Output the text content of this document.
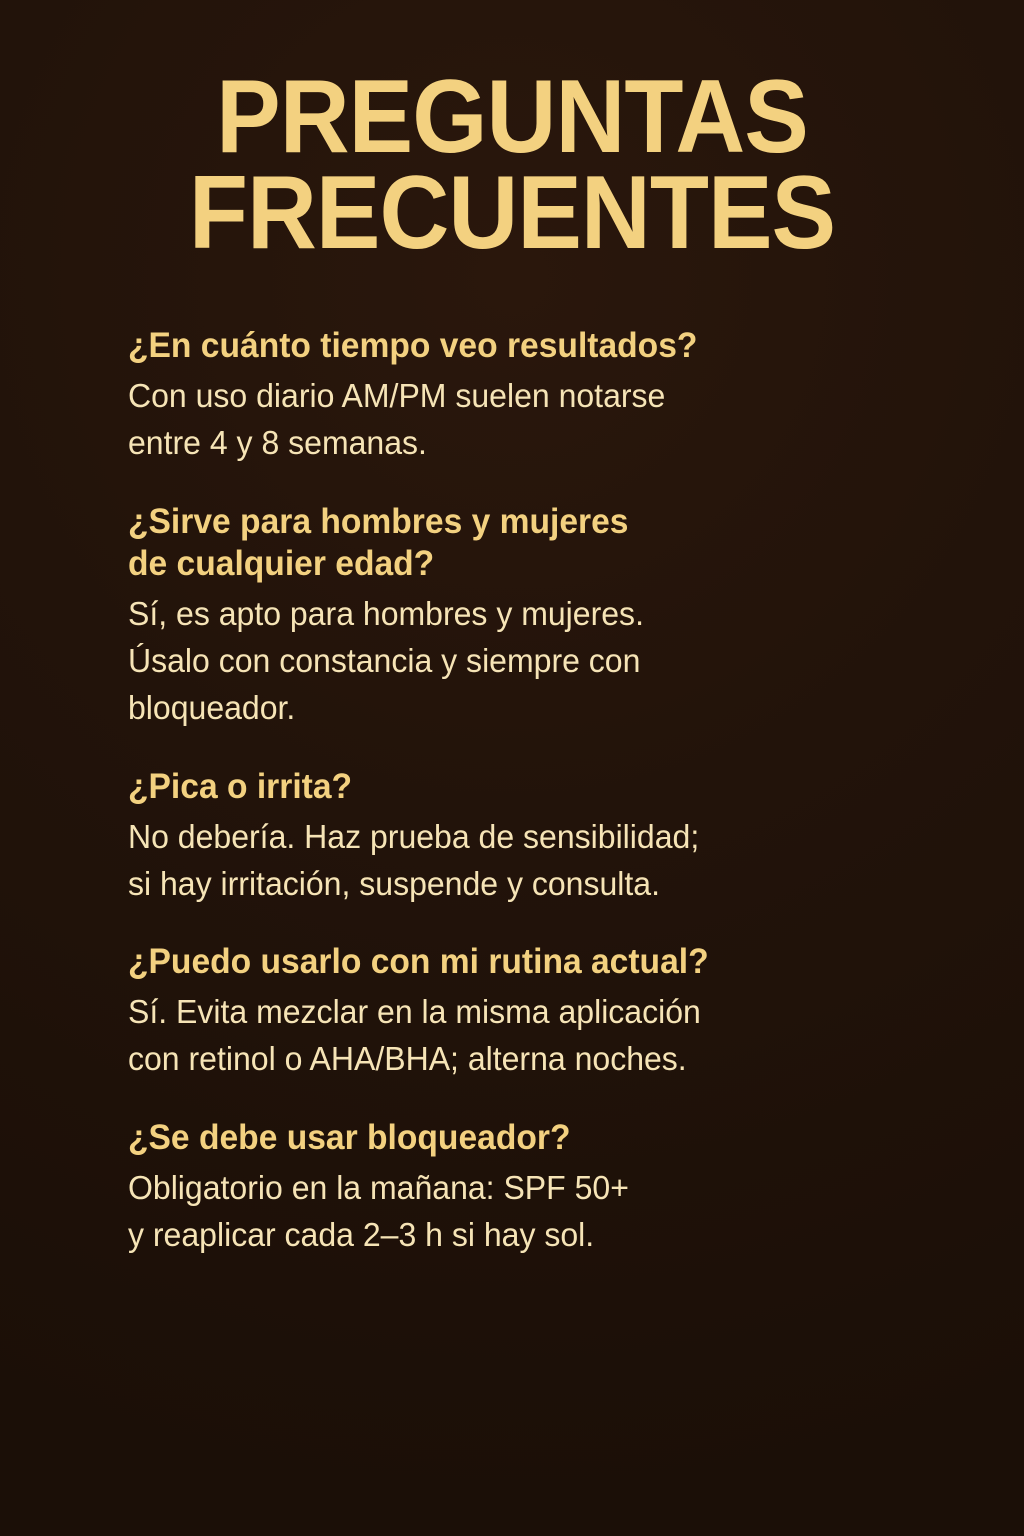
PREGUNTAS
FRECUENTES

¿En cuánto tiempo veo resultados?

Con uso diario AM/PM suelen notarse
entre 4 y 8 semanas.

¿Sirve para hombres y mujeres
de cualquier edad?

Sí, es apto para hombres y mujeres.
Úsalo con constancia y siempre con
bloqueador.

¿Pica o irrita?

No debería. Haz prueba de sensibilidad;
si hay irritación, suspende y consulta.

¿Puedo usarlo con mi rutina actual?

Sí. Evita mezclar en la misma aplicación
con retinol o AHA/BHA; alterna noches.

¿Se debe usar bloqueador?

Obligatorio en la mañana: SPF 50+
y reaplicar cada 2–3 h si hay sol.
